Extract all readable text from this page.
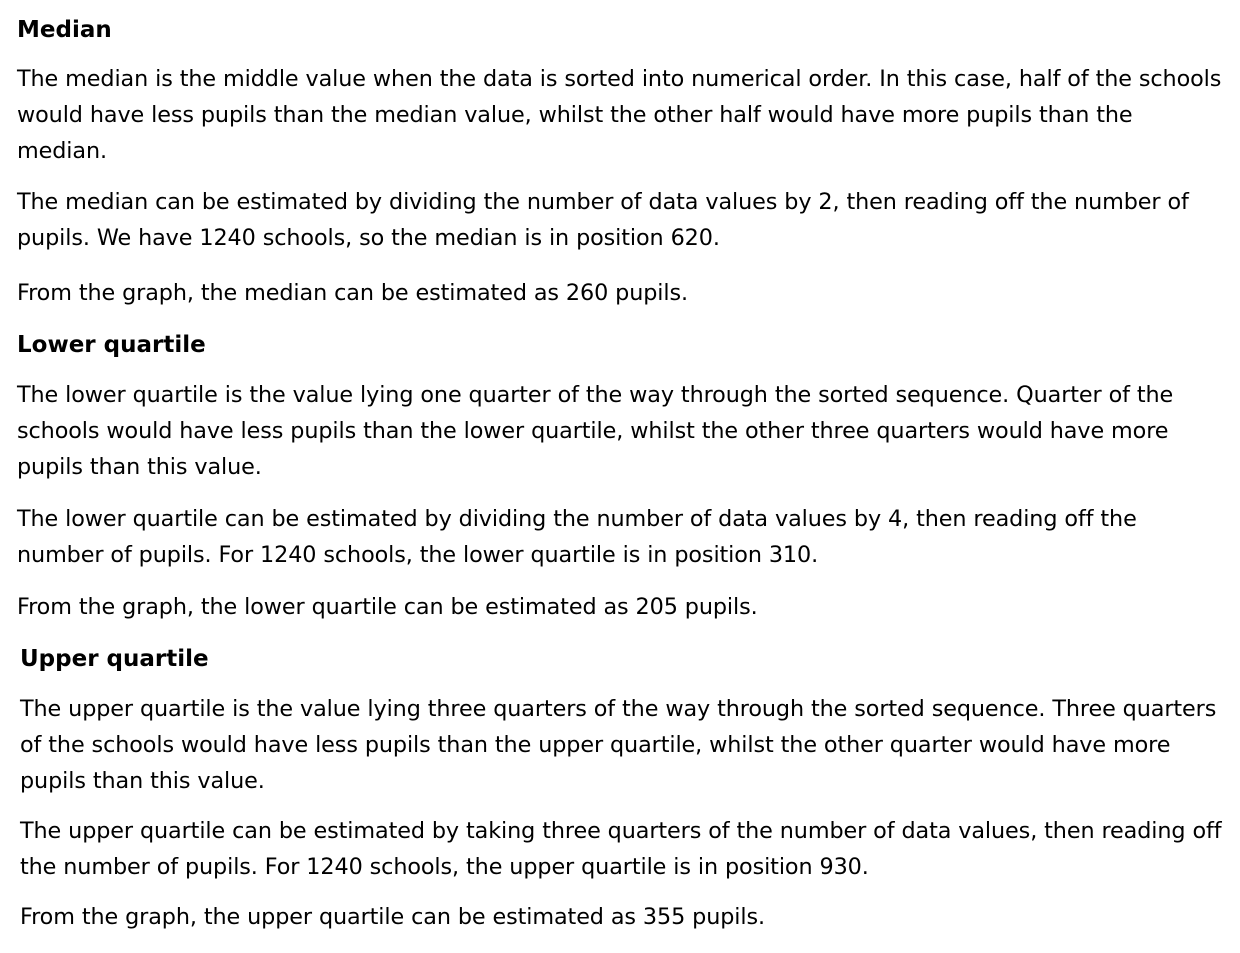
Median

The median is the middle value when the data is sorted into numerical order. In this case, half of the schools would have less pupils than the median value, whilst the other half would have more pupils than the median.

The median can be estimated by dividing the number of data values by 2, then reading off the number of pupils. We have 1240 schools, so the median is in position 620.

From the graph, the median can be estimated as 260 pupils.

Lower quartile

The lower quartile is the value lying one quarter of the way through the sorted sequence. Quarter of the schools would have less pupils than the lower quartile, whilst the other three quarters would have more pupils than this value.

The lower quartile can be estimated by dividing the number of data values by 4, then reading off the number of pupils. For 1240 schools, the lower quartile is in position 310.

From the graph, the lower quartile can be estimated as 205 pupils.

Upper quartile

The upper quartile is the value lying three quarters of the way through the sorted sequence. Three quarters of the schools would have less pupils than the upper quartile, whilst the other quarter would have more pupils than this value.

The upper quartile can be estimated by taking three quarters of the number of data values, then reading off the number of pupils. For 1240 schools, the upper quartile is in position 930.

From the graph, the upper quartile can be estimated as 355 pupils.
